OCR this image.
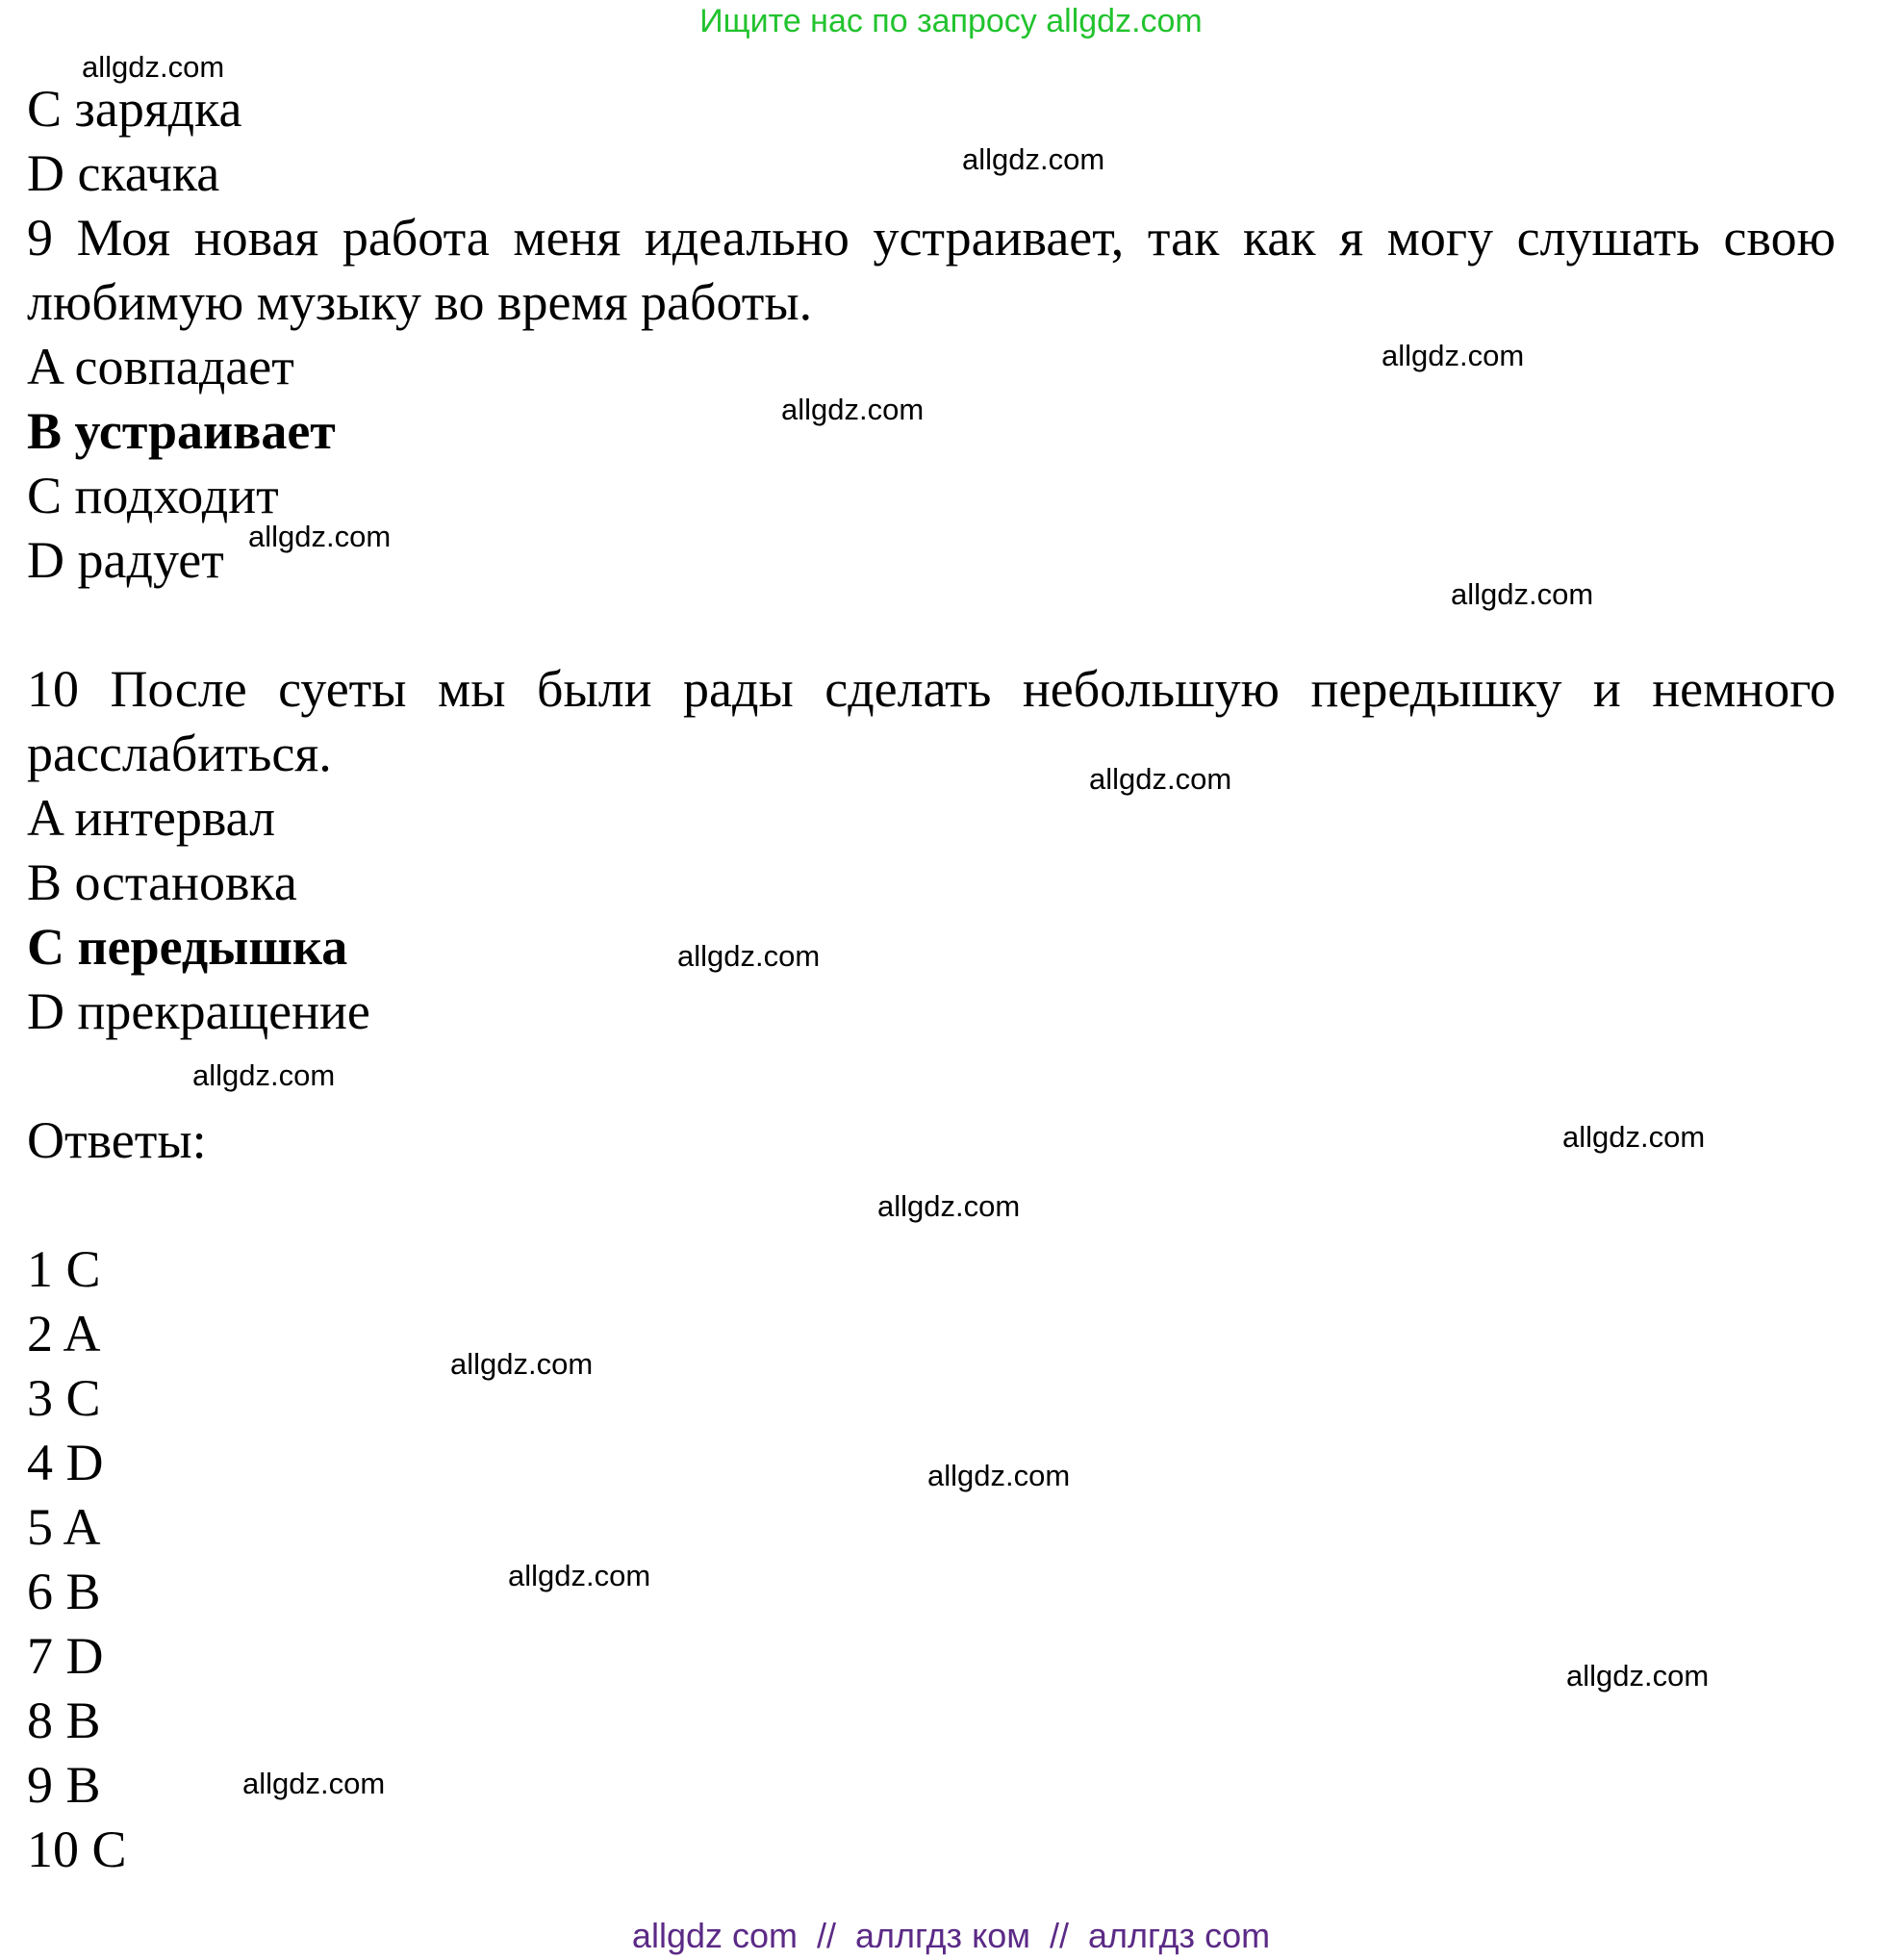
Ищите нас по запросу allgdz.com

C зарядка

D скачка

9 Моя новая работа меня идеально устраивает, так как я могу слушать свою любимую музыку во время работы.

A совпадает

B устраивает

C подходит

D радует

10 После суеты мы были рады сделать небольшую передышку и немного расслабиться.

A интервал

B остановка

C передышка

D прекращение

Ответы:

1 C

2 A

3 C

4 D

5 A

6 B

7 D

8 B

9 B

10 C

allgdz.com
allgdz.com
allgdz.com
allgdz.com
allgdz.com
allgdz.com
allgdz.com
allgdz.com
allgdz.com
allgdz.com
allgdz.com
allgdz.com
allgdz.com
allgdz.com
allgdz.com
allgdz.com
allgdz com  //  аллгдз ком  //  аллгдз com
